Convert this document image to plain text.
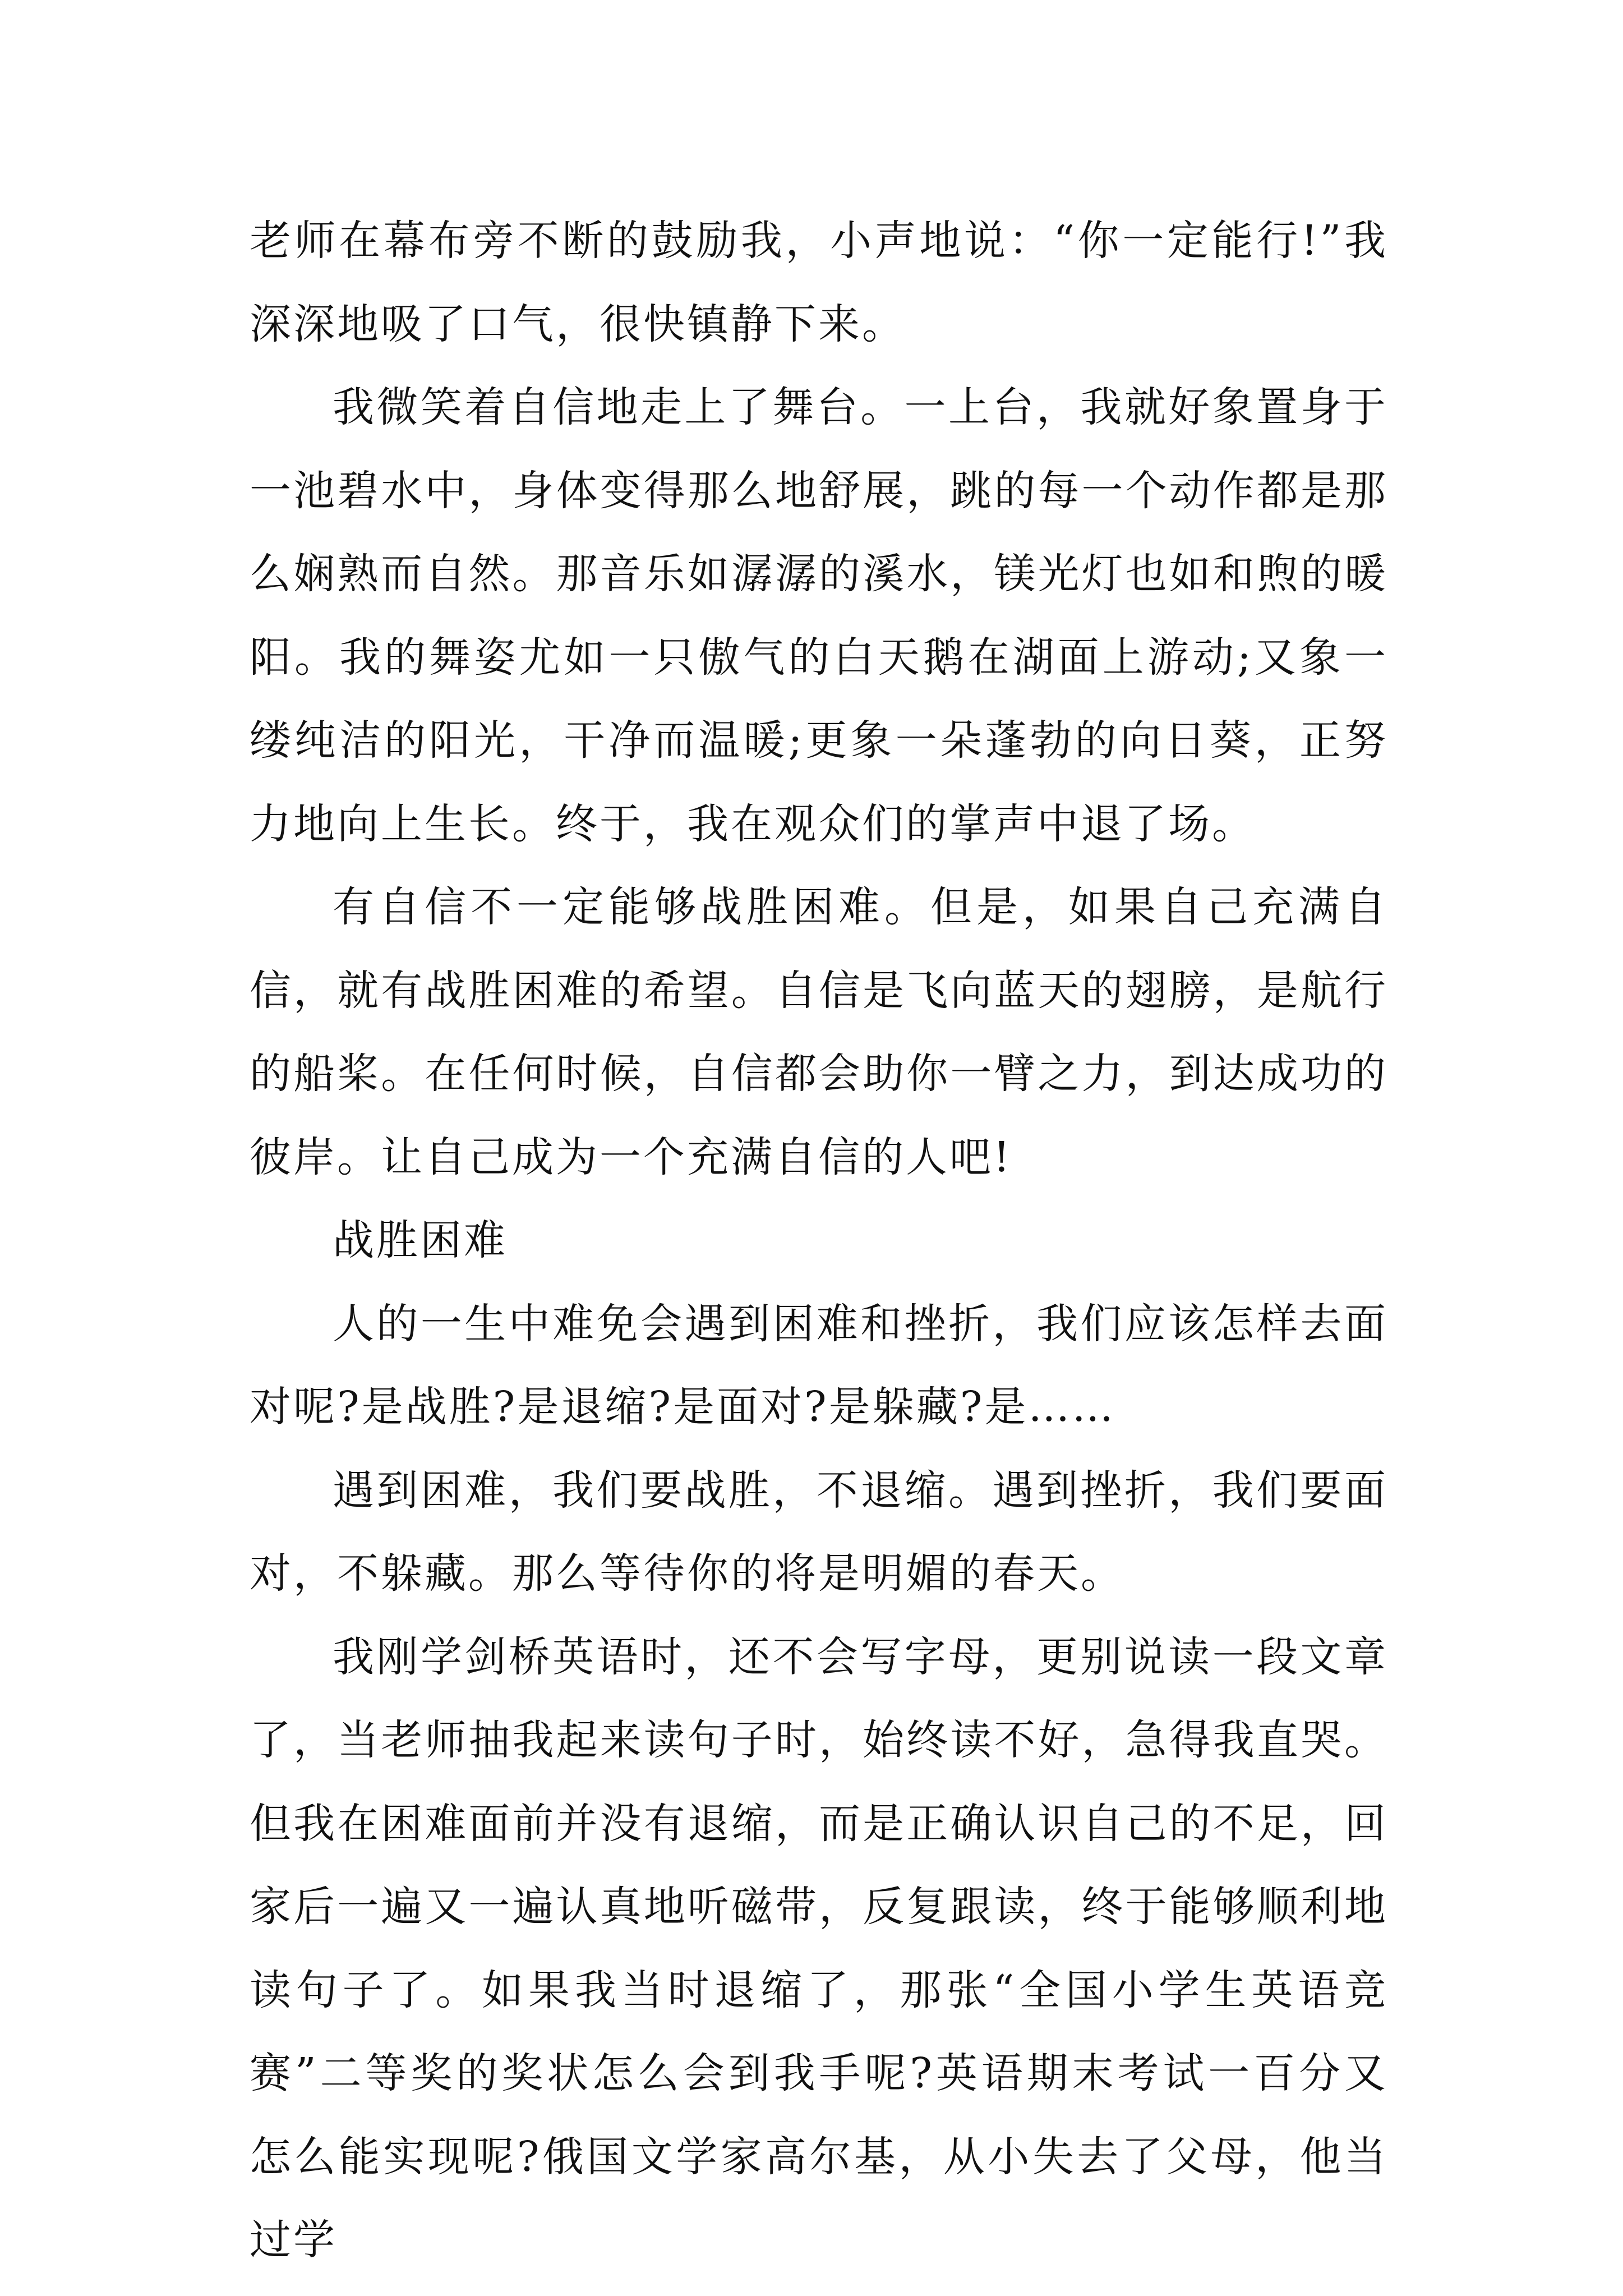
老师在幕布旁不断的鼓励我，小声地说：“你一定能行!”我深深地吸了口气，很快镇静下来。

我微笑着自信地走上了舞台。一上台，我就好象置身于一池碧水中，身体变得那么地舒展，跳的每一个动作都是那么娴熟而自然。那音乐如潺潺的溪水，镁光灯也如和煦的暖阳。我的舞姿尤如一只傲气的白天鹅在湖面上游动;又象一缕纯洁的阳光，干净而温暖;更象一朵蓬勃的向日葵，正努力地向上生长。终于，我在观众们的掌声中退了场。

有自信不一定能够战胜困难。但是，如果自己充满自信，就有战胜困难的希望。自信是飞向蓝天的翅膀，是航行的船桨。在任何时候，自信都会助你一臂之力，到达成功的彼岸。让自己成为一个充满自信的人吧!

战胜困难

人的一生中难免会遇到困难和挫折，我们应该怎样去面对呢?是战胜?是退缩?是面对?是躲藏?是……

遇到困难，我们要战胜，不退缩。遇到挫折，我们要面对，不躲藏。那么等待你的将是明媚的春天。

我刚学剑桥英语时，还不会写字母，更别说读一段文章了，当老师抽我起来读句子时，始终读不好，急得我直哭。但我在困难面前并没有退缩，而是正确认识自己的不足，回家后一遍又一遍认真地听磁带，反复跟读，终于能够顺利地读句子了。如果我当时退缩了，那张“全国小学生英语竞赛”二等奖的奖状怎么会到我手呢?英语期末考试一百分又怎么能实现呢?俄国文学家高尔基，从小失去了父母，他当过学
